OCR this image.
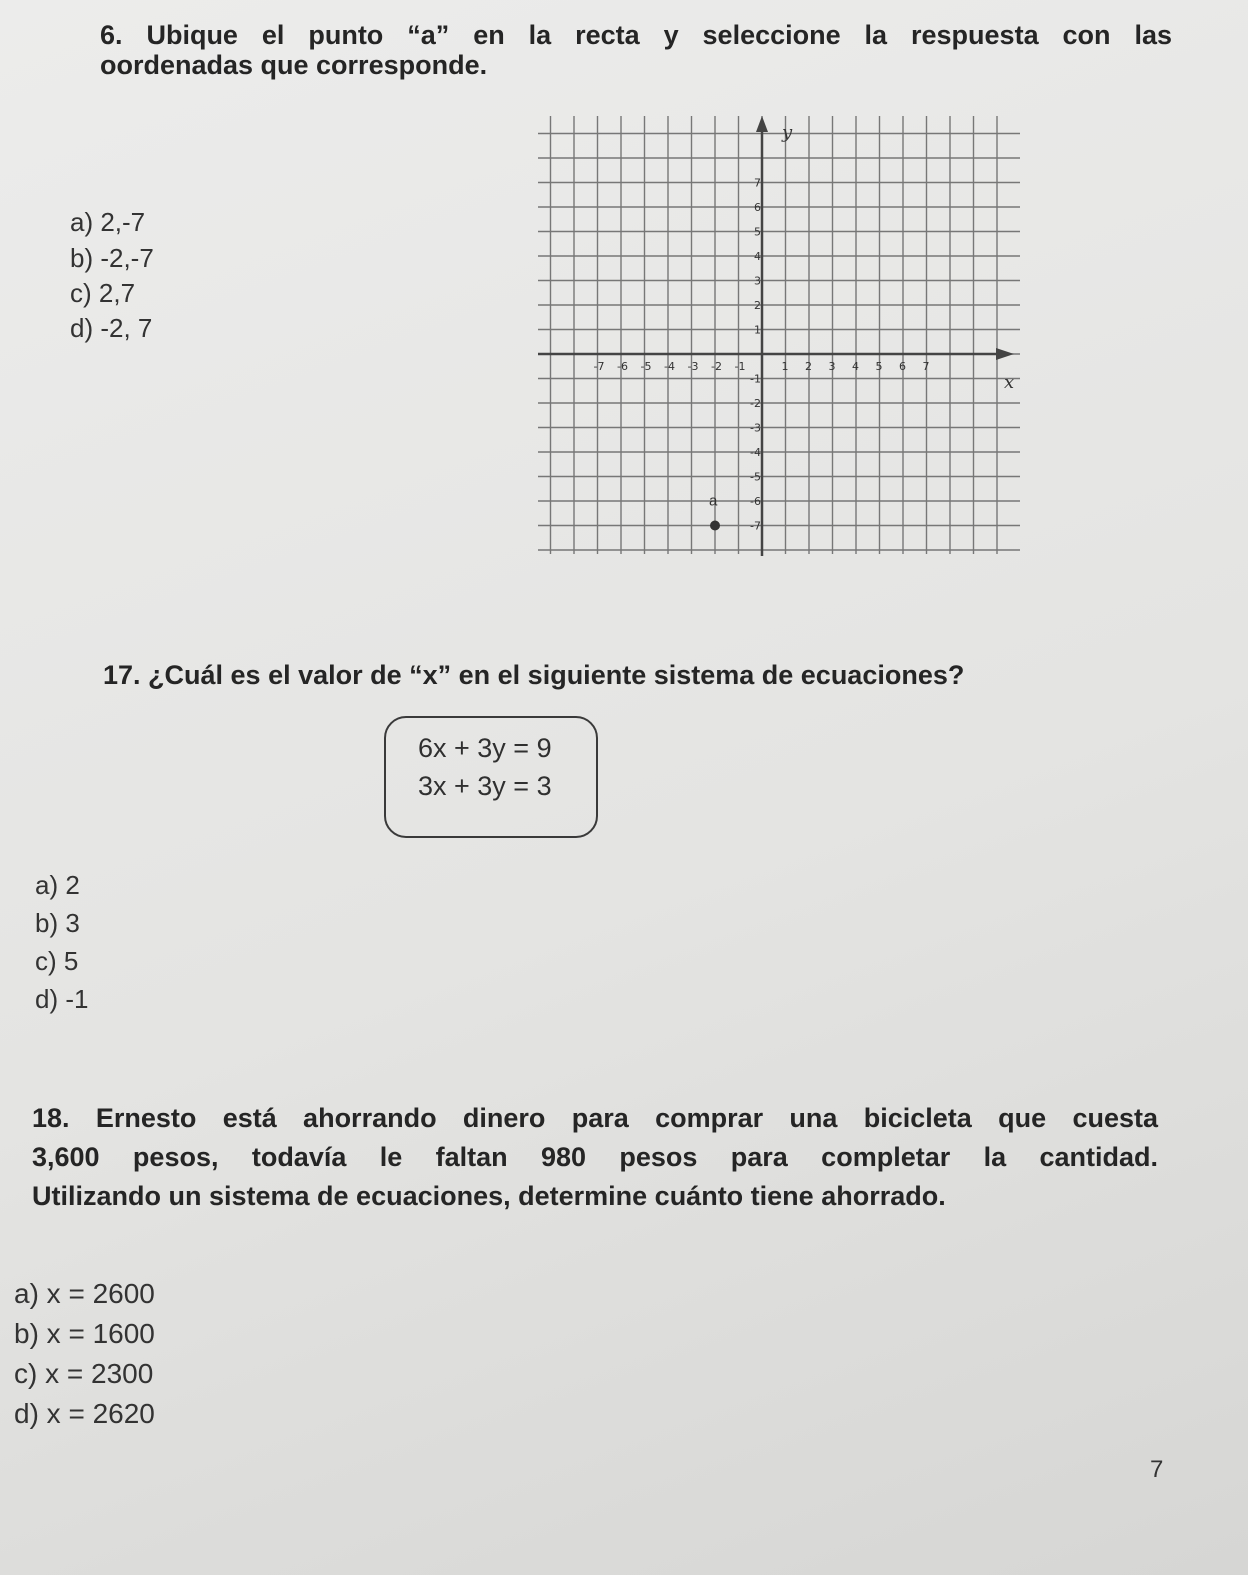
6. Ubique el punto “a” en la recta y seleccione la respuesta con las

oordenadas que corresponde.

a) 2,-7

b) -2,-7

c) 2,7

d) -2, 7

x
y
-7 -6 -5 -4 -3 -2 -1	1 2 3 4 5 6 7
7
6
5
4
3
2
1
-1
-2
-3
-4
-5
-6
-7
a

17. ¿Cuál es el valor de “x” en el siguiente sistema de ecuaciones?

6x + 3y = 9
3x + 3y = 3

a) 2

b) 3

c) 5

d) -1

18. Ernesto está ahorrando dinero para comprar una bicicleta que cuesta

3,600 pesos, todavía le faltan 980 pesos para completar la cantidad.

Utilizando un sistema de ecuaciones, determine cuánto tiene ahorrado.

a) x = 2600
b) x = 1600
c) x = 2300
d) x = 2620
7
